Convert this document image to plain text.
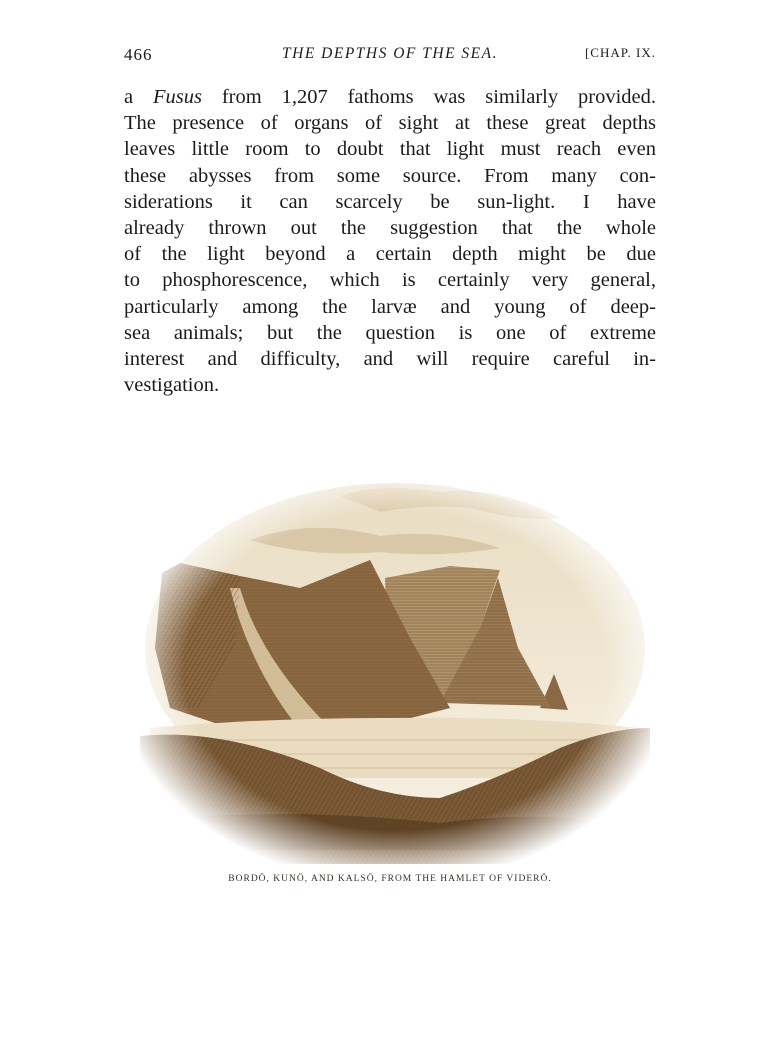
466	THE DEPTHS OF THE SEA.	[CHAP. IX.
a Fusus from 1,207 fathoms was similarly provided.
The presence of organs of sight at these great depths
leaves little room to doubt that light must reach even
these abysses from some source. From many con-
siderations it can scarcely be sun-light. I have
already thrown out the suggestion that the whole
of the light beyond a certain depth might be due
to phosphorescence, which is certainly very general,
particularly among the larvæ and young of deep-
sea animals; but the question is one of extreme
interest and difficulty, and will require careful in-
vestigation.
BORDÖ, KUNÖ, AND KALSÖ, FROM THE HAMLET OF VIDERÖ.
